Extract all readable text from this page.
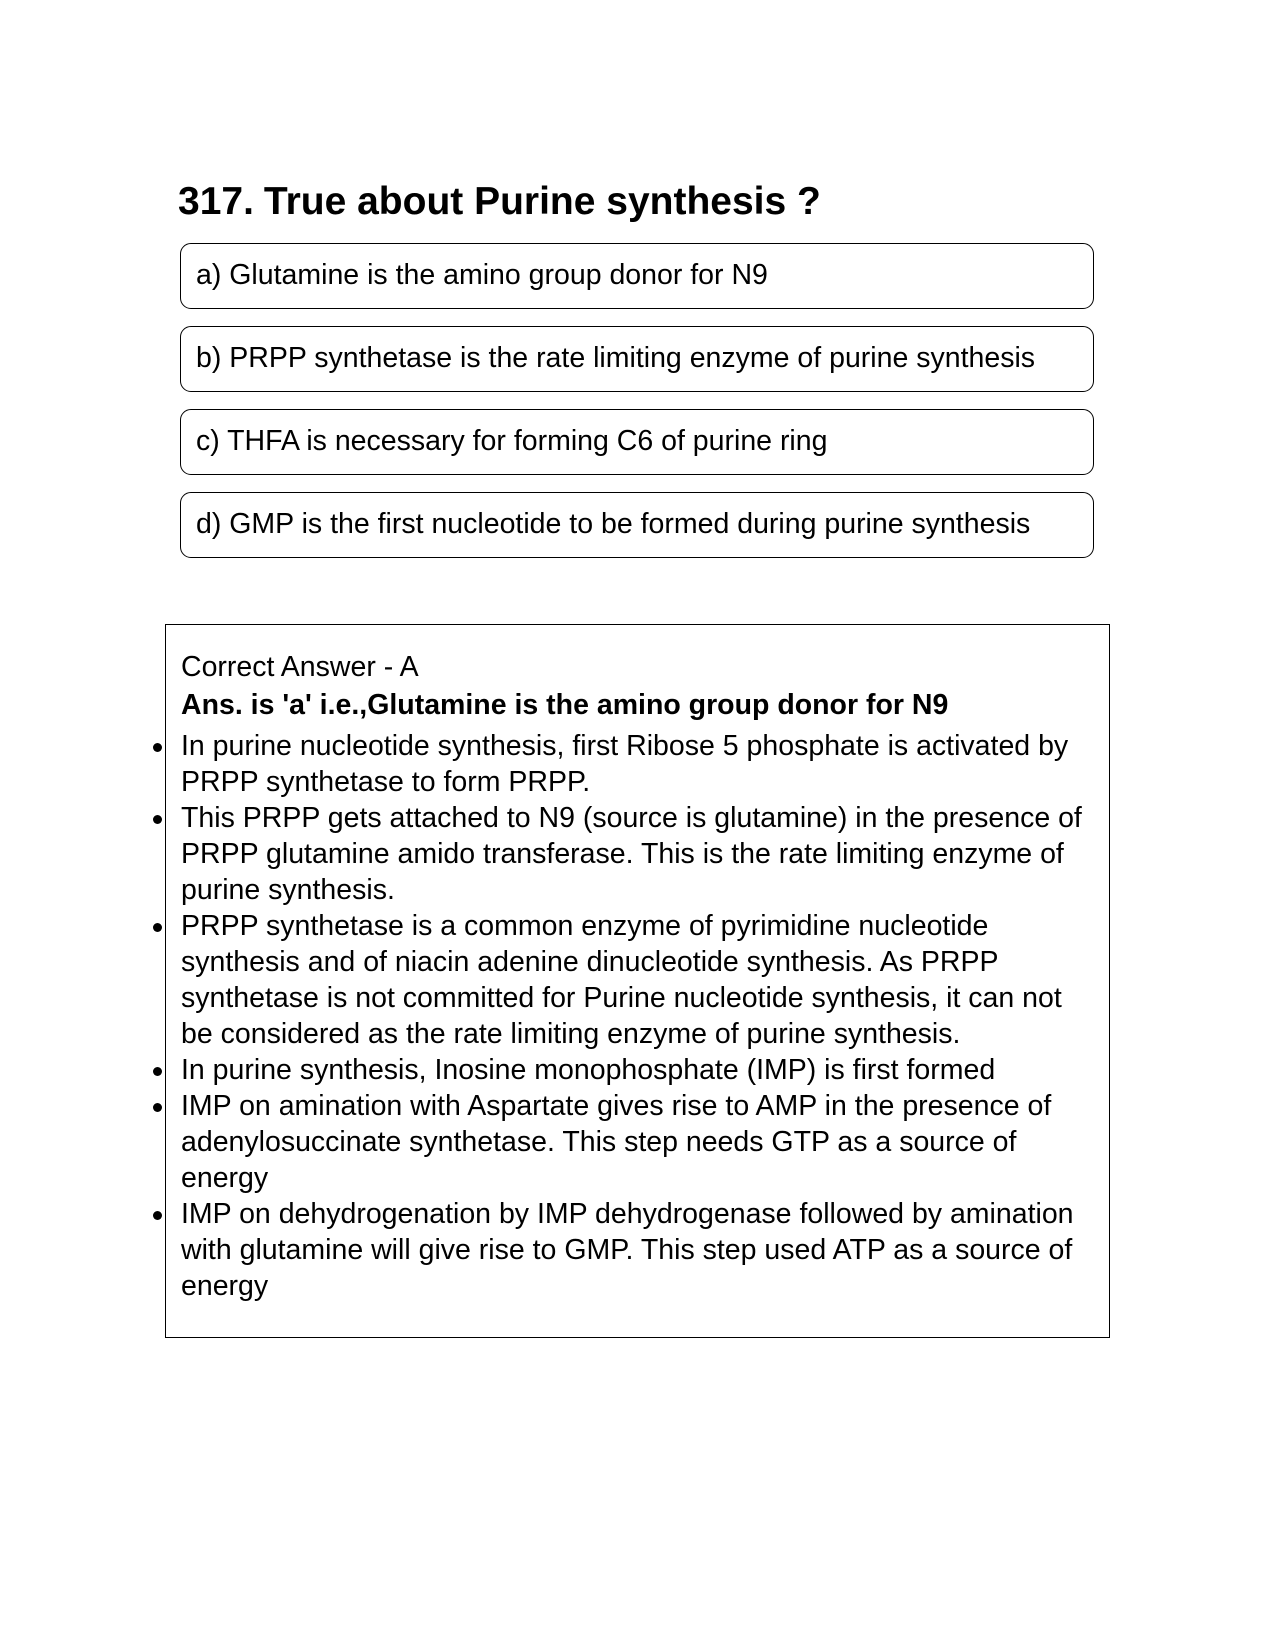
317. True about Purine synthesis ?
a) Glutamine is the amino group donor for N9
b) PRPP synthetase is the rate limiting enzyme of purine synthesis
c) THFA is necessary for forming C6 of purine ring
d) GMP is the first nucleotide to be formed during purine synthesis

Correct Answer - A

Ans. is 'a' i.e.,Glutamine is the amino group donor for N9

In purine nucleotide synthesis, first Ribose 5 phosphate is activated by PRPP synthetase to form PRPP.
This PRPP gets attached to N9 (source is glutamine) in the presence of PRPP glutamine amido transferase. This is the rate limiting enzyme of purine synthesis.
PRPP synthetase is a common enzyme of pyrimidine nucleotide synthesis and of niacin adenine dinucleotide synthesis. As PRPP synthetase is not committed for Purine nucleotide synthesis, it can not be considered as the rate limiting enzyme of purine synthesis.
In purine synthesis, Inosine monophosphate (IMP) is first formed
IMP on amination with Aspartate gives rise to AMP in the presence of adenylosuccinate synthetase. This step needs GTP as a source of energy
IMP on dehydrogenation by IMP dehydrogenase followed by amination with glutamine will give rise to GMP. This step used ATP as a source of energy
